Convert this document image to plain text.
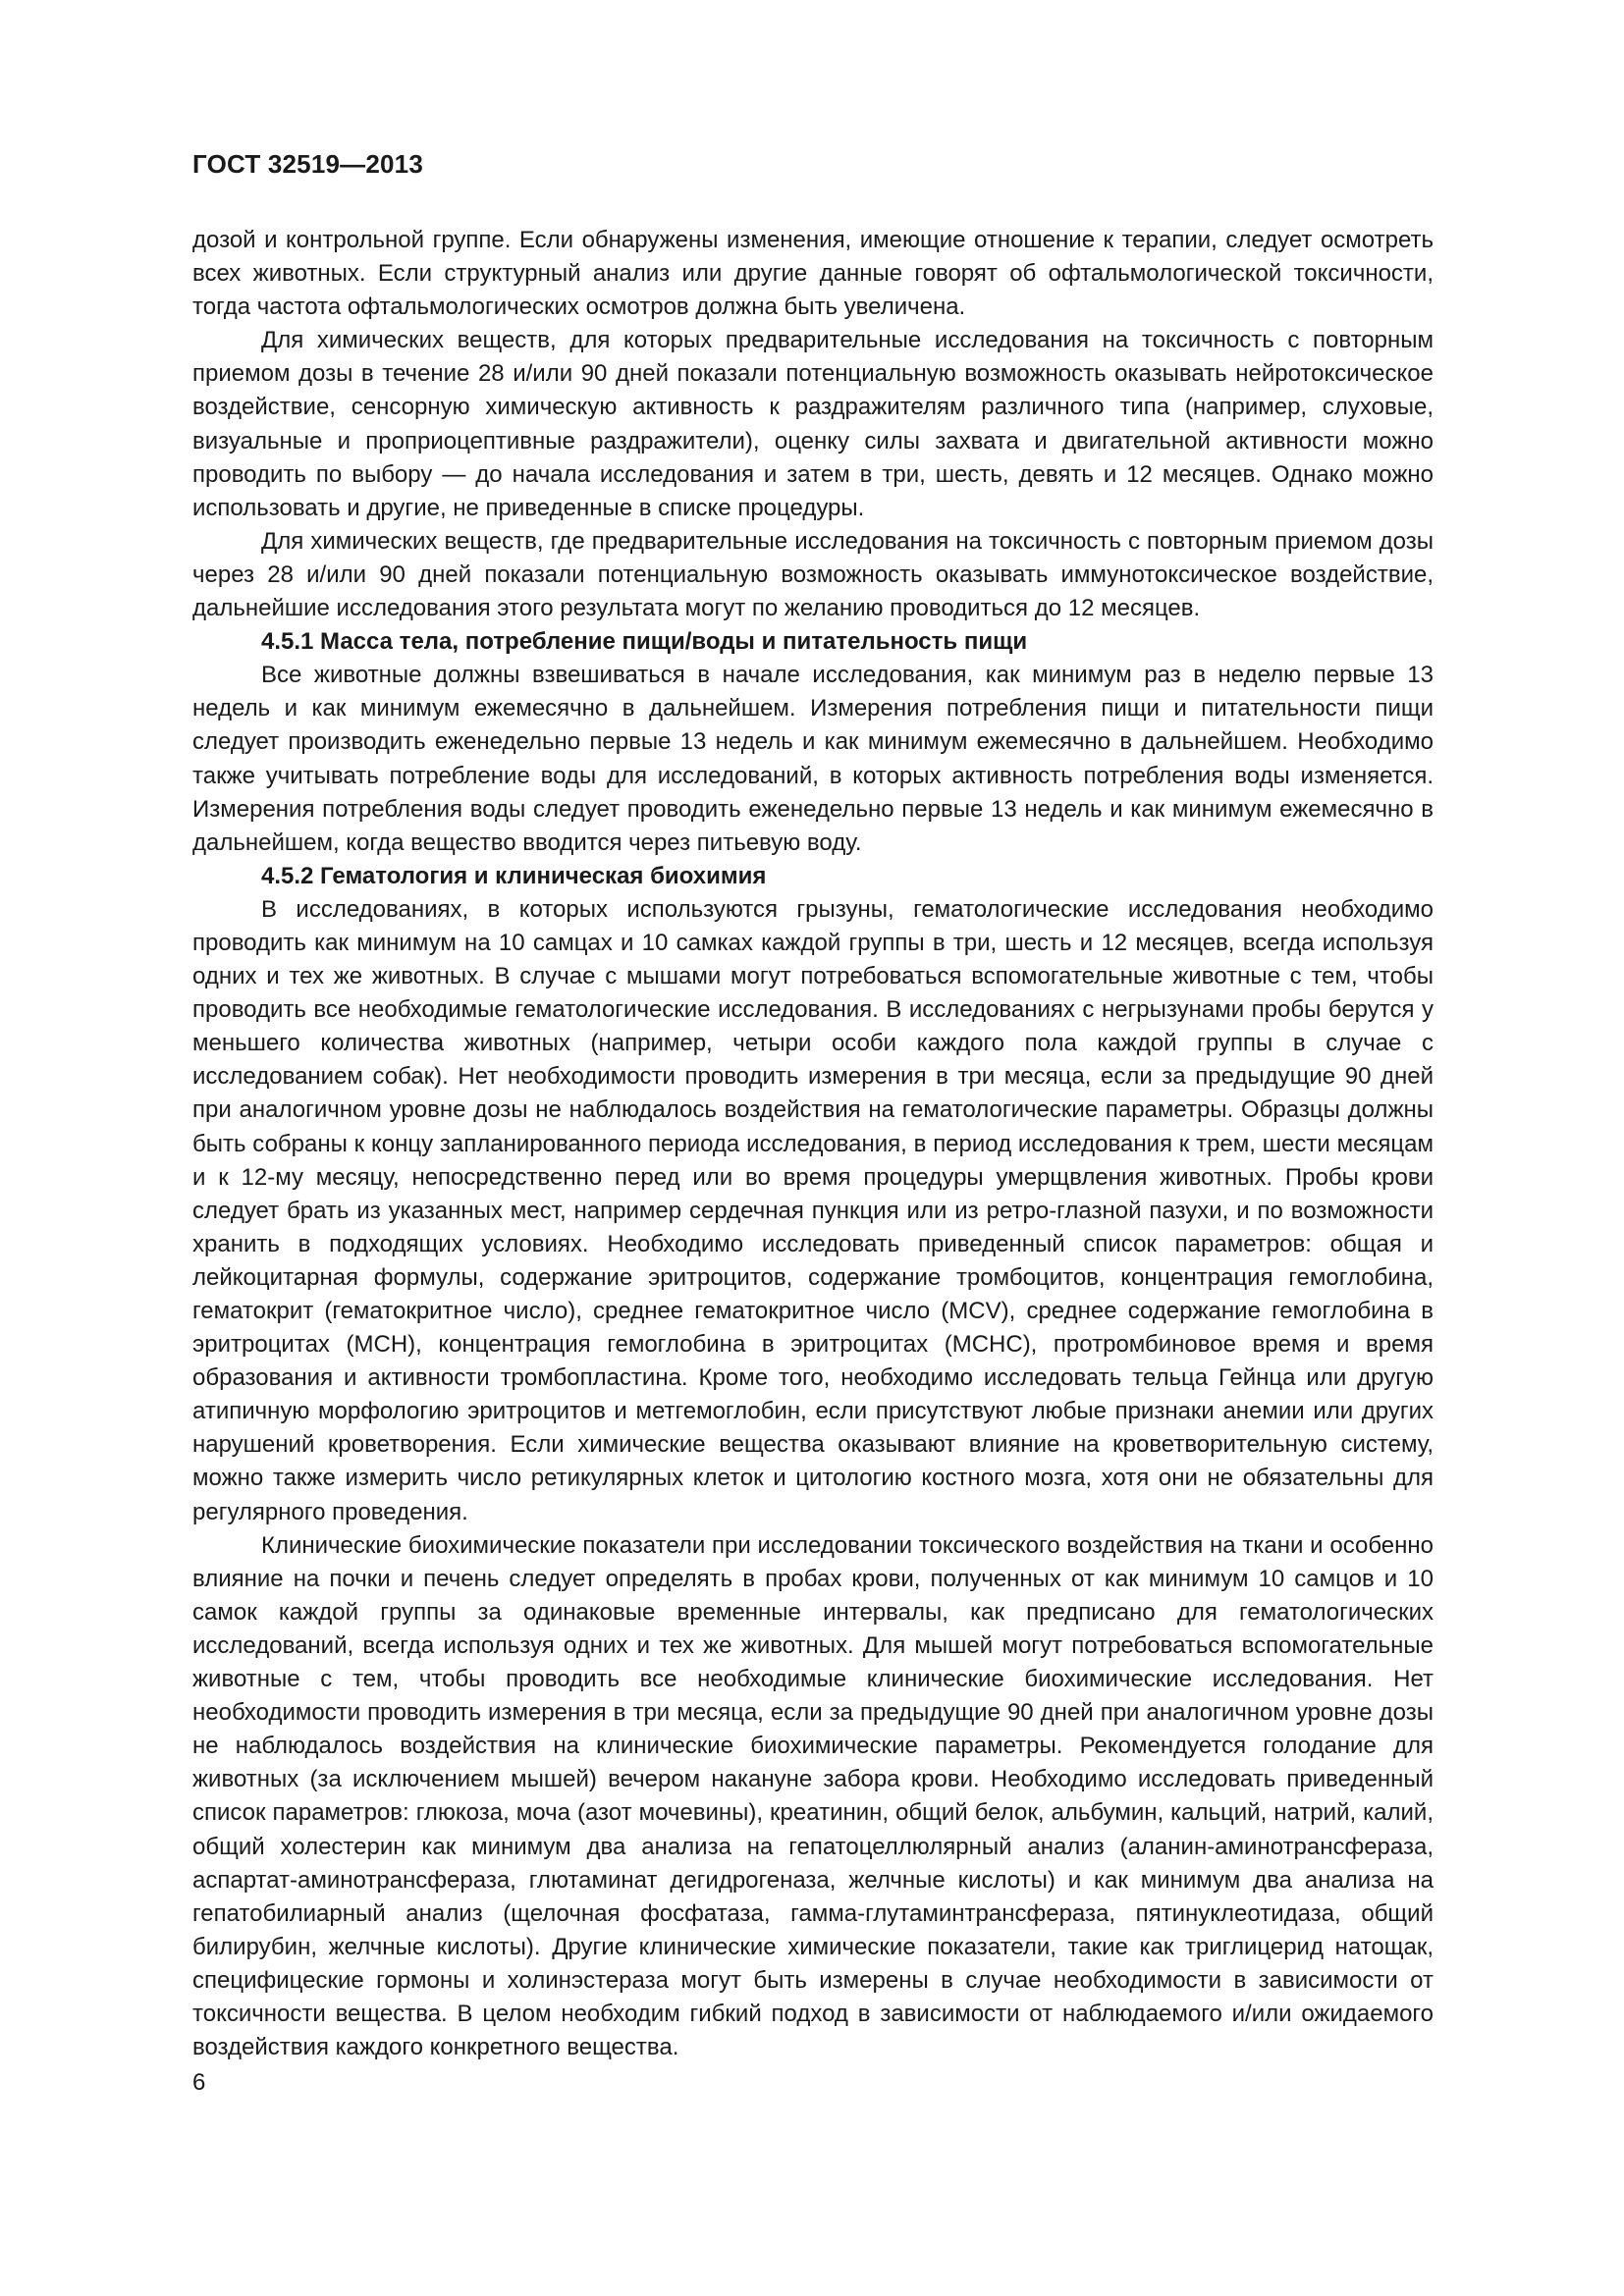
ГОСТ 32519—2013

дозой и контрольной группе. Если обнаружены изменения, имеющие отношение к терапии, следует осмотреть всех животных. Если структурный анализ или другие данные говорят об офтальмологической токсичности, тогда частота офтальмологических осмотров должна быть увеличена.

Для химических веществ, для которых предварительные исследования на токсичность с повторным приемом дозы в течение 28 и/или 90 дней показали потенциальную возможность оказывать нейротоксическое воздействие, сенсорную химическую активность к раздражителям различного типа (например, слуховые, визуальные и проприоцептивные раздражители), оценку силы захвата и двигательной активности можно проводить по выбору — до начала исследования и затем в три, шесть, девять и 12 месяцев. Однако можно использовать и другие, не приведенные в списке процедуры.

Для химических веществ, где предварительные исследования на токсичность с повторным приемом дозы через 28 и/или 90 дней показали потенциальную возможность оказывать иммунотоксическое воздействие, дальнейшие исследования этого результата могут по желанию проводиться до 12 месяцев.

4.5.1 Масса тела, потребление пищи/воды и питательность пищи

Все животные должны взвешиваться в начале исследования, как минимум раз в неделю первые 13 недель и как минимум ежемесячно в дальнейшем. Измерения потребления пищи и питательности пищи следует производить еженедельно первые 13 недель и как минимум ежемесячно в дальнейшем. Необходимо также учитывать потребление воды для исследований, в которых активность потребления воды изменяется. Измерения потребления воды следует проводить еженедельно первые 13 недель и как минимум ежемесячно в дальнейшем, когда вещество вводится через питьевую воду.

4.5.2 Гематология и клиническая биохимия

В исследованиях, в которых используются грызуны, гематологические исследования необходимо проводить как минимум на 10 самцах и 10 самках каждой группы в три, шесть и 12 месяцев, всегда используя одних и тех же животных. В случае с мышами могут потребоваться вспомогательные животные с тем, чтобы проводить все необходимые гематологические исследования. В исследованиях с негрызунами пробы берутся у меньшего количества животных (например, четыри особи каждого пола каждой группы в случае с исследованием собак). Нет необходимости проводить измерения в три месяца, если за предыдущие 90 дней при аналогичном уровне дозы не наблюдалось воздействия на гематологические параметры. Образцы должны быть собраны к концу запланированного периода исследования, в период исследования к трем, шести месяцам и к 12-му месяцу, непосредственно перед или во время процедуры умерщвления животных. Пробы крови следует брать из указанных мест, например сердечная пункция или из ретро-глазной пазухи, и по возможности хранить в подходящих условиях. Необходимо исследовать приведенный список параметров: общая и лейкоцитарная формулы, содержание эритроцитов, содержание тромбоцитов, концентрация гемоглобина, гематокрит (гематокритное число), среднее гематокритное число (MCV), среднее содержание гемоглобина в эритроцитах (MCH), концентрация гемоглобина в эритроцитах (MCHC), протромбиновое время и время образования и активности тромбопластина. Кроме того, необходимо исследовать тельца Гейнца или другую атипичную морфологию эритроцитов и метгемоглобин, если присутствуют любые признаки анемии или других нарушений кроветворения. Если химические вещества оказывают влияние на кроветворительную систему, можно также измерить число ретикулярных клеток и цитологию костного мозга, хотя они не обязательны для регулярного проведения.

Клинические биохимические показатели при исследовании токсического воздействия на ткани и особенно влияние на почки и печень следует определять в пробах крови, полученных от как минимум 10 самцов и 10 самок каждой группы за одинаковые временные интервалы, как предписано для гематологических исследований, всегда используя одних и тех же животных. Для мышей могут потребоваться вспомогательные животные с тем, чтобы проводить все необходимые клинические биохимические исследования. Нет необходимости проводить измерения в три месяца, если за предыдущие 90 дней при аналогичном уровне дозы не наблюдалось воздействия на клинические биохимические параметры. Рекомендуется голодание для животных (за исключением мышей) вечером накануне забора крови. Необходимо исследовать приведенный список параметров: глюкоза, моча (азот мочевины), креатинин, общий белок, альбумин, кальций, натрий, калий, общий холестерин как минимум два анализа на гепатоцеллюлярный анализ (аланин-аминотрансфераза, аспартат-аминотрансфераза, глютаминат дегидрогеназа, желчные кислоты) и как минимум два анализа на гепатобилиарный анализ (щелочная фосфатаза, гамма-глутаминтрансфераза, пятинуклеотидаза, общий билирубин, желчные кислоты). Другие клинические химические показатели, такие как триглицерид натощак, специфицеские гормоны и холинэстераза могут быть измерены в случае необходимости в зависимости от токсичности вещества. В целом необходим гибкий подход в зависимости от наблюдаемого и/или ожидаемого воздействия каждого конкретного вещества.

6
